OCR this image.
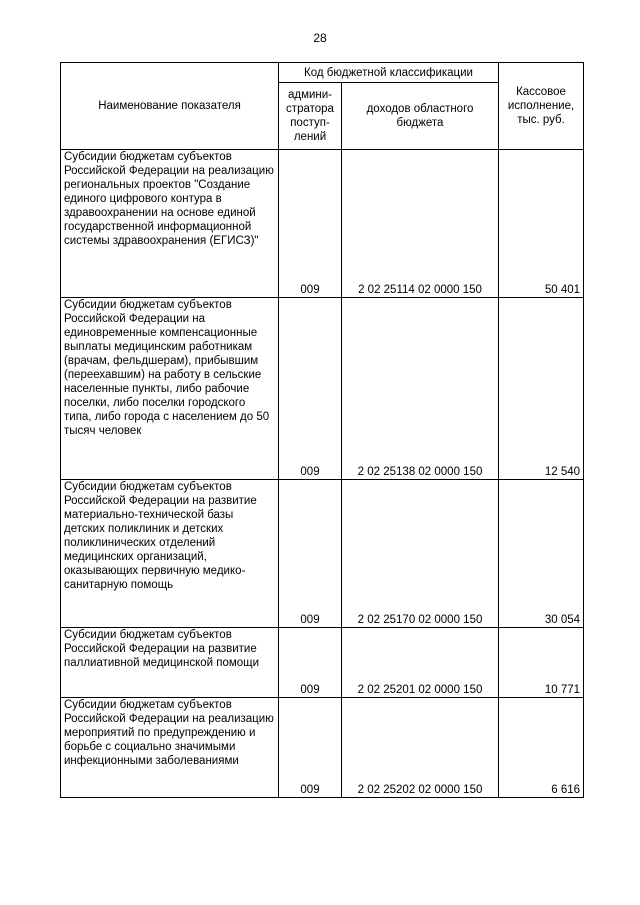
28
Наименование показателя	Код бюджетной классификации		Кассовое исполнение, тыс. руб.
	админи-стратора поступ-лений	доходов областного бюджета	

Субсидии бюджетам субъектов Российской Федерации на реализацию региональных проектов "Создание единого цифрового контура в здравоохранении на основе единой государственной информационной системы здравоохранения (ЕГИСЗ)"	009	2 02 25114 02 0000 150	50 401

Субсидии бюджетам субъектов Российской Федерации на единовременные компенсационные выплаты медицинским работникам (врачам, фельдшерам), прибывшим (переехавшим) на работу в сельские населенные пункты, либо рабочие поселки, либо поселки городского типа, либо города с населением до 50 тысяч человек	009	2 02 25138 02 0000 150	12 540

Субсидии бюджетам субъектов Российской Федерации на развитие материально-технической базы детских поликлиник и детских поликлинических отделений медицинских организаций, оказывающих первичную медико-санитарную помощь	009	2 02 25170 02 0000 150	30 054

Субсидии бюджетам субъектов Российской Федерации на развитие паллиативной медицинской помощи	009	2 02 25201 02 0000 150	10 771

Субсидии бюджетам субъектов Российской Федерации на реализацию мероприятий по предупреждению и борьбе с социально значимыми инфекционными заболеваниями	009	2 02 25202 02 0000 150	6 616
